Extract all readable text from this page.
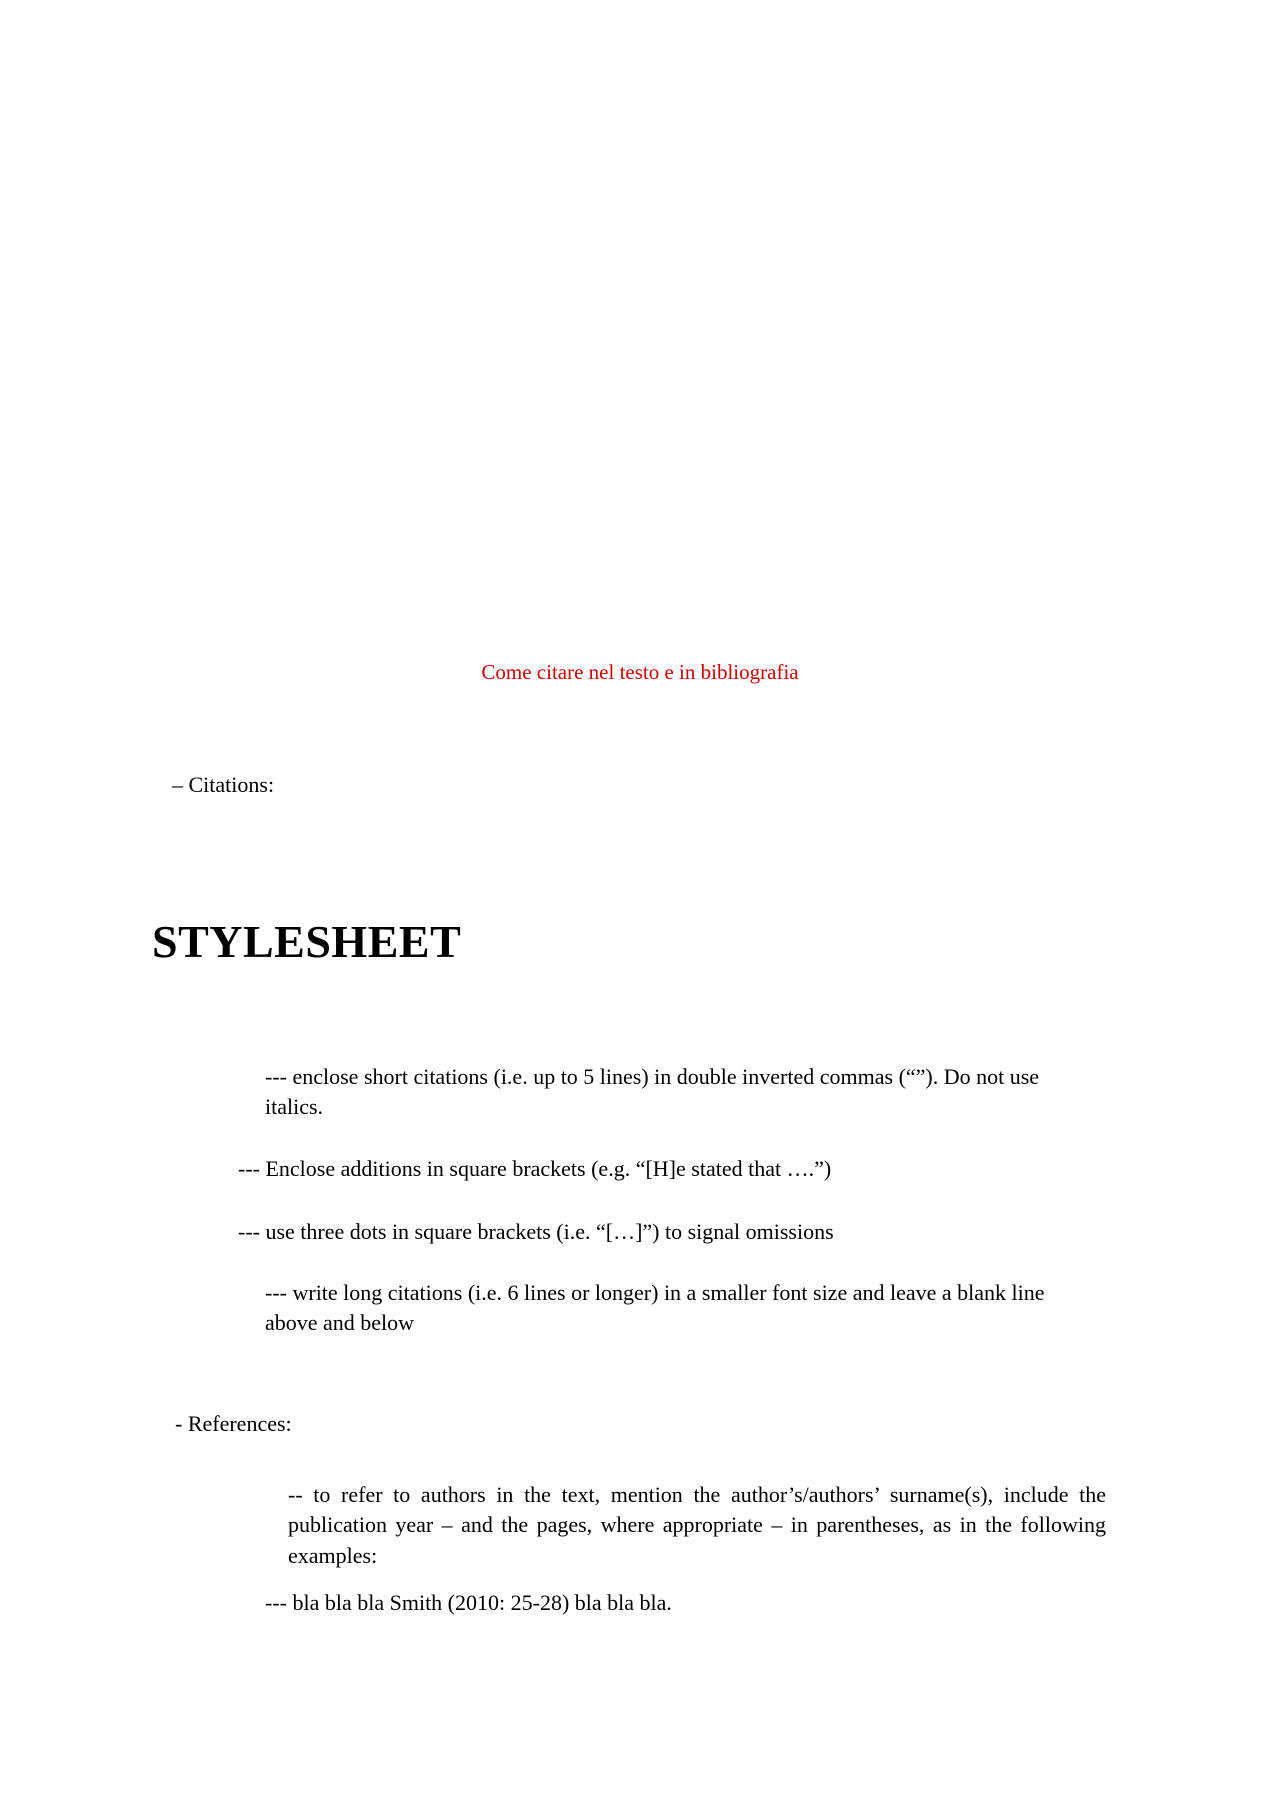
Come citare nel testo e in bibliografia
– Citations:
STYLESHEET
--- enclose short citations (i.e. up to 5 lines) in double inverted commas (“”). Do not use italics.
--- Enclose additions in square brackets (e.g. “[H]e stated that ….”)
--- use three dots in square brackets (i.e. “[…]”) to signal omissions
--- write long citations (i.e. 6 lines or longer) in a smaller font size and leave a blank line above and below
- References:
-- to refer to authors in the text, mention the author’s/authors’ surname(s), include the publication year – and the pages, where appropriate – in parentheses, as in the following examples:
--- bla bla bla Smith (2010: 25-28) bla bla bla.
